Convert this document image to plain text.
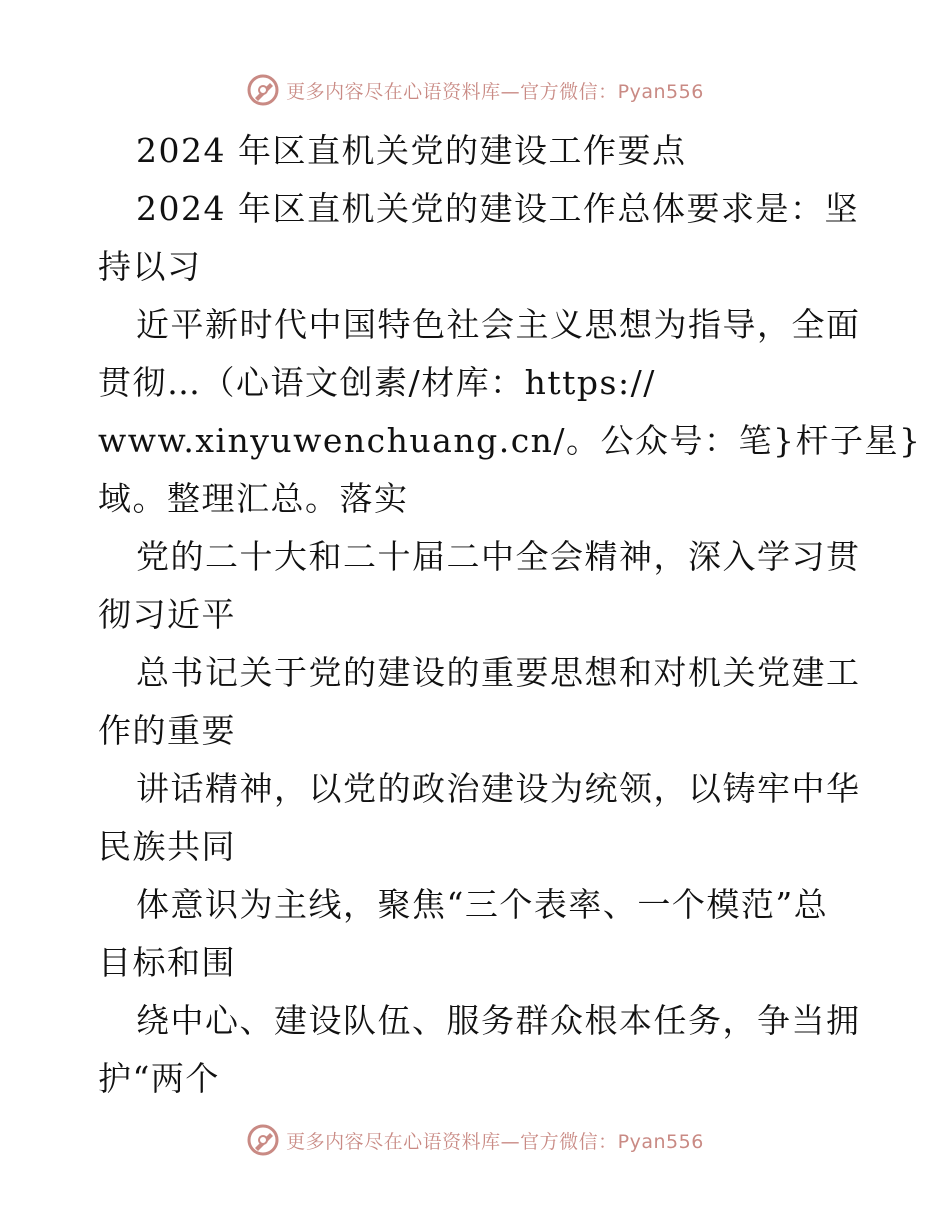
更多内容尽在心语资料库—官方微信：Pyan556
2024 年区直机关党的建设工作要点
2024 年区直机关党的建设工作总体要求是：坚
持以习
近平新时代中国特色社会主义思想为指导，全面
贯彻…（心语文创素/材库：https://
www.xinyuwenchuang.cn/。公众号：笔}杆子星}
域。整理汇总。落实
党的二十大和二十届二中全会精神，深入学习贯
彻习近平
总书记关于党的建设的重要思想和对机关党建工
作的重要
讲话精神，以党的政治建设为统领，以铸牢中华
民族共同
体意识为主线，聚焦“三个表率、一个模范”总
目标和围
绕中心、建设队伍、服务群众根本任务，争当拥
护“两个
更多内容尽在心语资料库—官方微信：Pyan556
